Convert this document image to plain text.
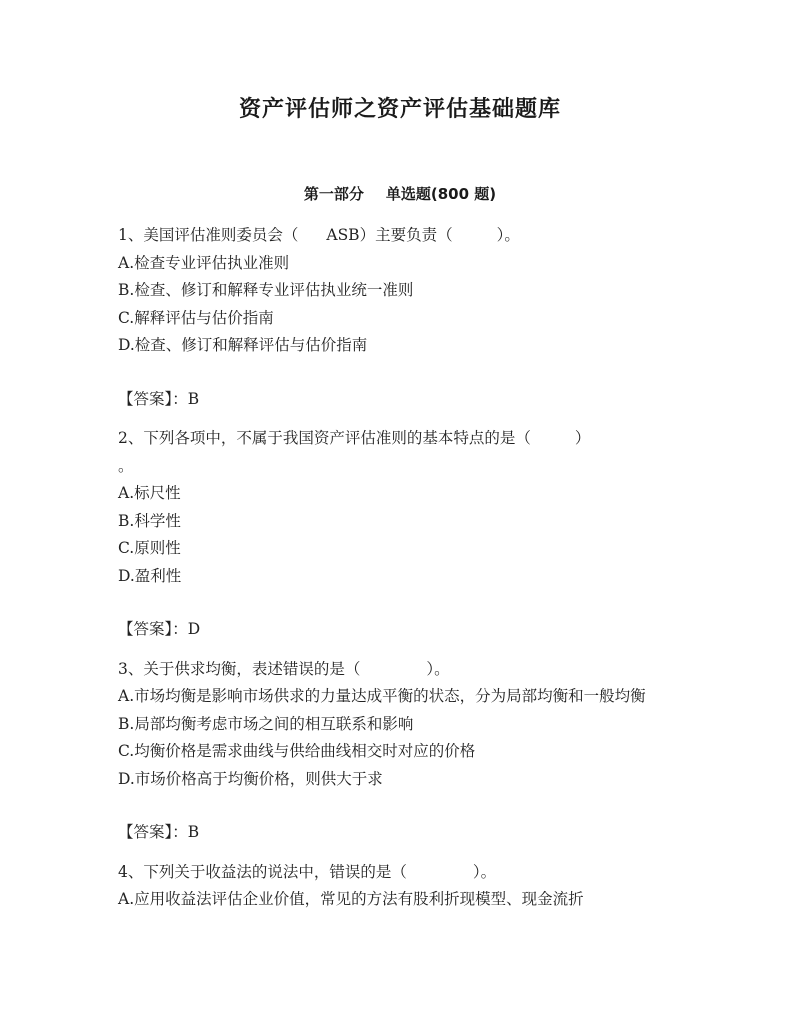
资产评估师之资产评估基础题库
第一部分 单选题(800 题)
1、美国评估准则委员会（ ASB）主要负责（	）。
A.检查专业评估执业准则
B.检查、修订和解释专业评估执业统一准则
C.解释评估与估价指南
D.检查、修订和解释评估与估价指南
【答案】：B
2、下列各项中，不属于我国资产评估准则的基本特点的是（	）
。
A.标尺性
B.科学性
C.原则性
D.盈利性
【答案】：D
3、关于供求均衡，表述错误的是（	）。
A.市场均衡是影响市场供求的力量达成平衡的状态，分为局部均衡和一般均衡
B.局部均衡考虑市场之间的相互联系和影响
C.均衡价格是需求曲线与供给曲线相交时对应的价格
D.市场价格高于均衡价格，则供大于求
【答案】：B
4、下列关于收益法的说法中，错误的是（	）。
A.应用收益法评估企业价值，常见的方法有股利折现模型、现金流折
